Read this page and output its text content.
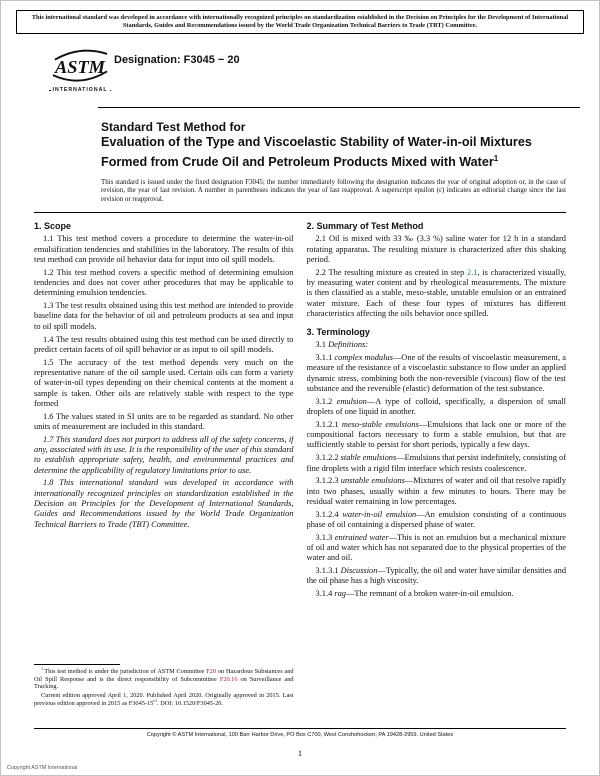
This international standard was developed in accordance with internationally recognized principles on standardization established in the Decision on Principles for the Development of International Standards, Guides and Recommendations issued by the World Trade Organization Technical Barriers to Trade (TBT) Committee.
ASTM
INTERNATIONAL
Designation: F3045 − 20
Standard Test Method for
Evaluation of the Type and Viscoelastic Stability of Water-in-oil Mixtures Formed from Crude Oil and Petroleum Products Mixed with Water$^1$
This standard is issued under the fixed designation F3045; the number immediately following the designation indicates the year of original adoption or, in the case of revision, the year of last revision. A number in parentheses indicates the year of last reapproval. A superscript epsilon (ε) indicates an editorial change since the last revision or reapproval.
1. Scope

1.1 This test method covers a procedure to determine the water-in-oil emulsification tendencies and stabilities in the laboratory. The results of this test method can provide oil behavior data for input into oil spill models.

1.2 This test method covers a specific method of determining emulsion tendencies and does not cover other procedures that may be applicable to determining emulsion tendencies.

1.3 The test results obtained using this test method are intended to provide baseline data for the behavior of oil and petroleum products at sea and input to oil spill models.

1.4 The test results obtained using this test method can be used directly to predict certain facets of oil spill behavior or as input to oil spill models.

1.5 The accuracy of the test method depends very much on the representative nature of the oil sample used. Certain oils can form a variety of water-in-oil types depending on their chemical contents at the moment a sample is taken. Other oils are relatively stable with respect to the type formed

1.6 The values stated in SI units are to be regarded as standard. No other units of measurement are included in this standard.

1.7 This standard does not purport to address all of the safety concerns, if any, associated with its use. It is the responsibility of the user of this standard to establish appropriate safety, health, and environmental practices and determine the applicability of regulatory limitations prior to use.

1.8 This international standard was developed in accordance with internationally recognized principles on standardization established in the Decision on Principles for the Development of International Standards, Guides and Recommendations issued by the World Trade Organization Technical Barriers to Trade (TBT) Committee.

$^1$ This test method is under the jurisdiction of ASTM Committee F20 on Hazardous Substances and Oil Spill Response and is the direct responsibility of Subcommittee F20.16 on Surveillance and Tracking.

Current edition approved April 1, 2020. Published April 2020. Originally approved in 2015. Last previous edition approved in 2015 as $F3045-15^{\varepsilon 1}$. DOI: 10.1520/F3045-20.

2. Summary of Test Method

2.1 Oil is mixed with 33 ‰ (3.3 %) saline water for 12 h in a standard rotating apparatus. The resulting mixture is characterized after this shaking period.

2.2 The resulting mixture as created in step 2.1, is characterized visually, by measuring water content and by rheological measurements. The mixture is then classified as a stable, meso-stable, unstable emulsion or an entrained water mixture. Each of these four types of mixtures has different characteristics affecting the oils behavior once spilled.

3. Terminology

3.1 Definitions:

3.1.1 complex modulus—One of the results of viscoelastic measurement, a measure of the resistance of a viscoelastic substance to flow under an applied dynamic stress, combining both the non-reversible (viscous) flow of the test substance and the reversible (elastic) deformation of the test substance.

3.1.2 emulsion—A type of colloid, specifically, a dispersion of small droplets of one liquid in another.

3.1.2.1 meso-stable emulsions—Emulsions that lack one or more of the compositional factors necessary to form a stable emulsion, but that are sufficiently stable to persist for short periods, typically a few days.

3.1.2.2 stable emulsions—Emulsions that persist indefinitely, consisting of fine droplets with a rigid film interface which resists coalescence.

3.1.2.3 unstable emulsions—Mixtures of water and oil that resolve rapidly into two phases, usually within a few minutes to hours. There may be residual water remaining in low percentages.

3.1.2.4 water-in-oil emulsion—An emulsion consisting of a continuous phase of oil containing a dispersed phase of water.

3.1.3 entrained water—This is not an emulsion but a mechanical mixture of oil and water which has not separated due to the physical properties of the water and oil.

3.1.3.1 Discussion—Typically, the oil and water have similar densities and the oil phase has a high viscosity.

3.1.4 rag—The remnant of a broken water-in-oil emulsion.

Copyright © ASTM International, 100 Barr Harbor Drive, PO Box C700, West Conshohocken, PA 19428-2959. United States
1
Copyright ASTM International
